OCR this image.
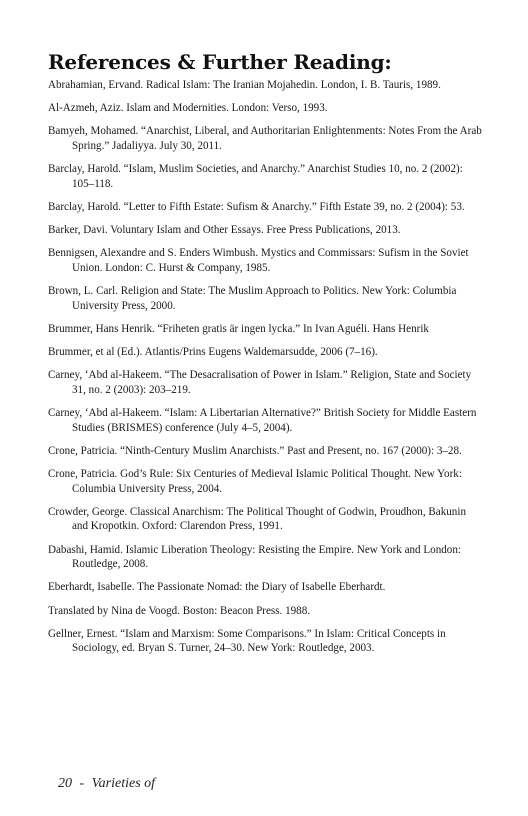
References & Further Reading:

Abrahamian, Ervand. Radical Islam: The Iranian Mojahedin. London, I. B. Tauris, 1989.

Al-Azmeh, Aziz. Islam and Modernities. London: Verso, 1993.

Bamyeh, Mohamed. “Anarchist, Liberal, and Authoritarian Enlightenments: Notes From the Arab Spring.” Jadaliyya. July 30, 2011.

Barclay, Harold. “Islam, Muslim Societies, and Anarchy.” Anarchist Studies 10, no. 2 (2002): 105–118.

Barclay, Harold. “Letter to Fifth Estate: Sufism & Anarchy.” Fifth Estate 39, no. 2 (2004): 53.

Barker, Davi. Voluntary Islam and Other Essays. Free Press Publications, 2013.

Bennigsen, Alexandre and S. Enders Wimbush. Mystics and Commissars: Sufism in the Soviet Union. London: C. Hurst & Company, 1985.

Brown, L. Carl. Religion and State: The Muslim Approach to Politics. New York: Columbia University Press, 2000.

Brummer, Hans Henrik. “Friheten gratis är ingen lycka.” In Ivan Aguéli. Hans Henrik

Brummer, et al (Ed.). Atlantis/Prins Eugens Waldemarsudde, 2006 (7–16).

Carney, ‘Abd al-Hakeem. “The Desacralisation of Power in Islam.” Religion, State and Society 31, no. 2 (2003): 203–219.

Carney, ‘Abd al-Hakeem. “Islam: A Libertarian Alternative?” British Society for Middle Eastern Studies (BRISMES) conference (July 4–5, 2004).

Crone, Patricia. “Ninth-Century Muslim Anarchists.” Past and Present, no. 167 (2000): 3–28.

Crone, Patricia. God’s Rule: Six Centuries of Medieval Islamic Political Thought. New York: Columbia University Press, 2004.

Crowder, George. Classical Anarchism: The Political Thought of Godwin, Proudhon, Bakunin and Kropotkin. Oxford: Clarendon Press, 1991.

Dabashi, Hamid. Islamic Liberation Theology: Resisting the Empire. New York and London: Routledge, 2008.

Eberhardt, Isabelle. The Passionate Nomad: the Diary of Isabelle Eberhardt.

Translated by Nina de Voogd. Boston: Beacon Press. 1988.

Gellner, Ernest. “Islam and Marxism: Some Comparisons.” In Islam: Critical Concepts in Sociology, ed. Bryan S. Turner, 24–30. New York: Routledge, 2003.

20 - Varieties of
